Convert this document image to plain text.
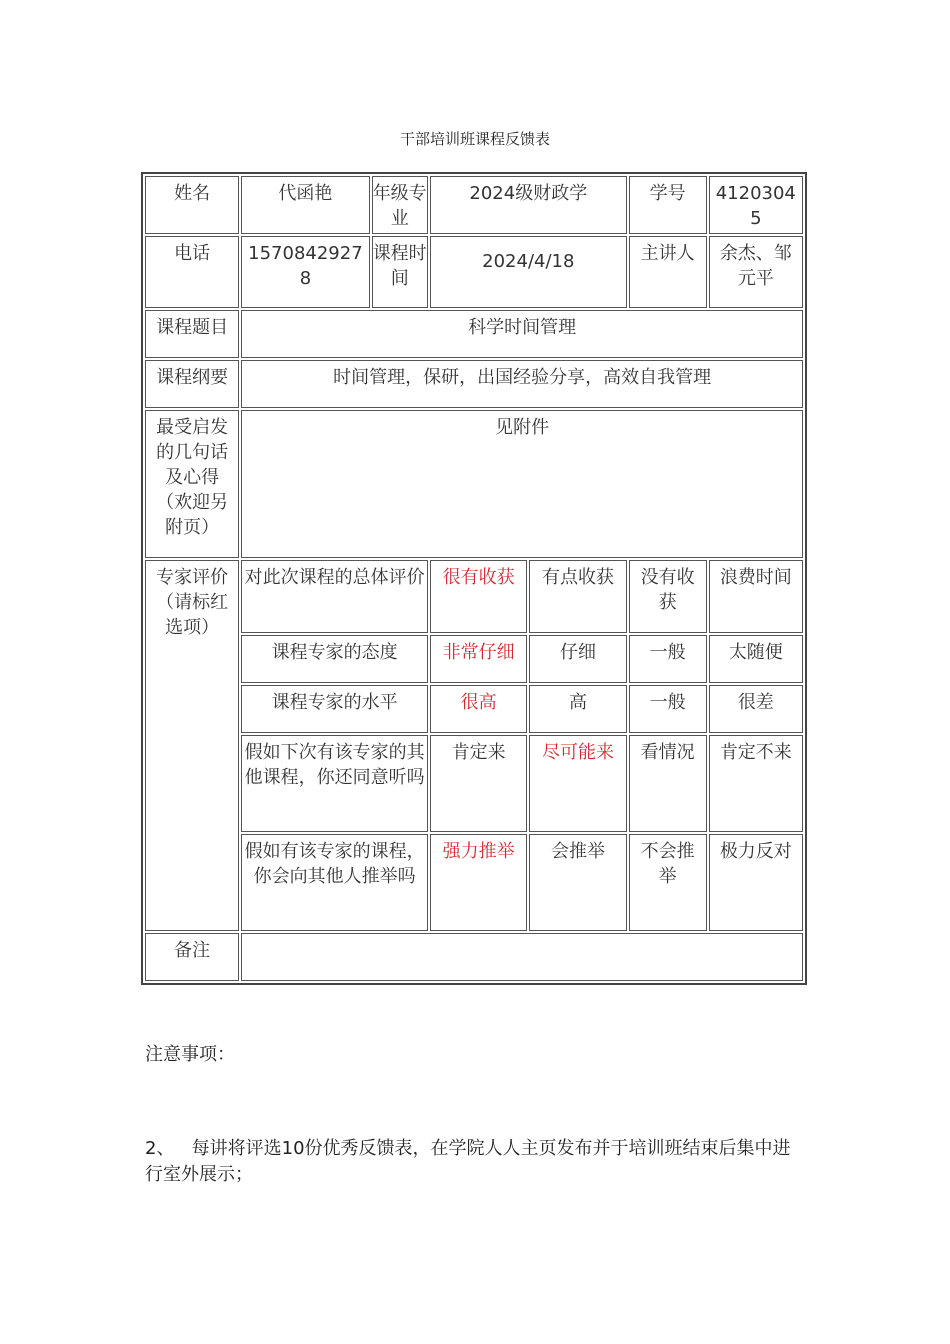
干部培训班课程反馈表
姓名	代函艳	年级专业	2024级财政学		学号	41203045
电话	15708429278	课程时间	2024/4/18		主讲人	余杰、邹元平
课程题目	科学时间管理					
课程纲要	时间管理，保研，出国经验分享，高效自我管理					
最受启发的几句话及心得（欢迎另附页）	见附件					
专家评价（请标红选项）	对此次课程的总体评价		很有收获	有点收获	没有收获	浪费时间
	课程专家的态度		非常仔细	仔细	一般	太随便
	课程专家的水平		很高	高	一般	很差
	假如下次有该专家的其他课程，你还同意听吗		肯定来	尽可能来	看情况	肯定不来
	假如有该专家的课程，你会向其他人推举吗		强力推举	会推举	不会推举	极力反对
备注						
注意事项：
2、 每讲将评选10份优秀反馈表，在学院人人主页发布并于培训班结束后集中进行室外展示；
